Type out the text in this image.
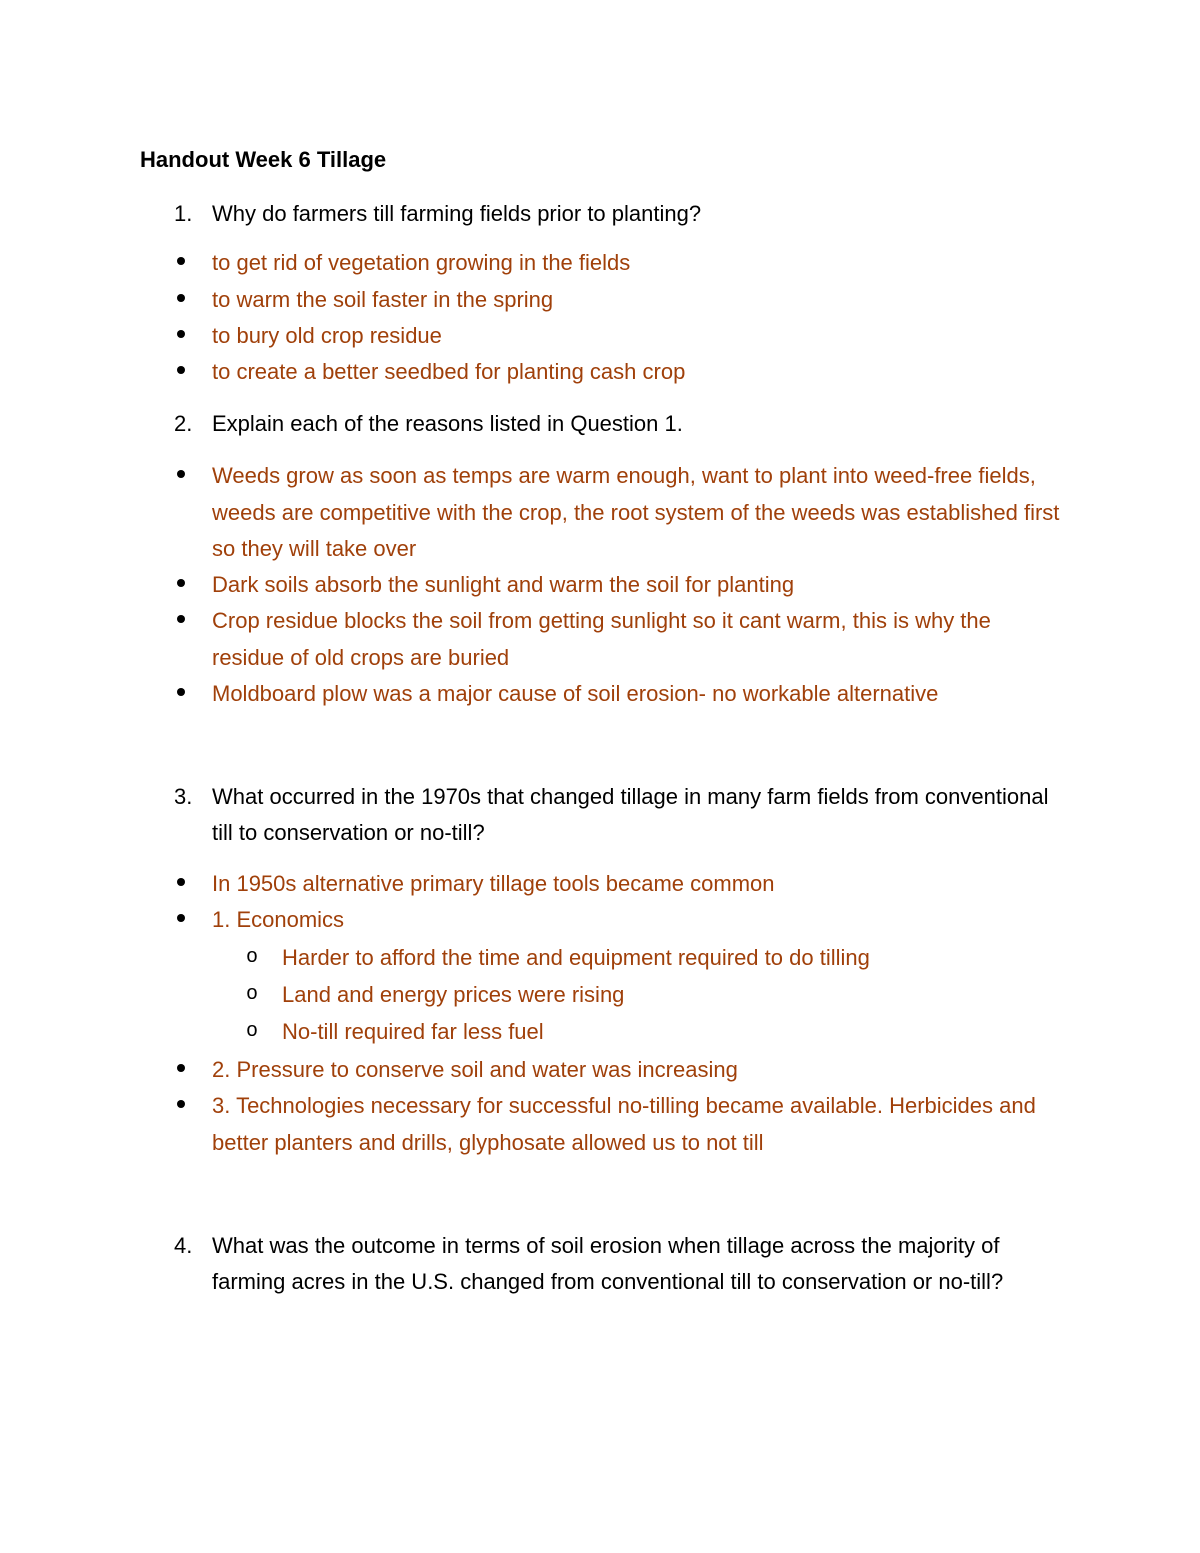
Handout Week 6 Tillage
1. Why do farmers till farming fields prior to planting?
to get rid of vegetation growing in the fields
to warm the soil faster in the spring
to bury old crop residue
to create a better seedbed for planting cash crop
2. Explain each of the reasons listed in Question 1.
Weeds grow as soon as temps are warm enough, want to plant into weed-free fields, weeds are competitive with the crop, the root system of the weeds was established first so they will take over
Dark soils absorb the sunlight and warm the soil for planting
Crop residue blocks the soil from getting sunlight so it cant warm, this is why the residue of old crops are buried
Moldboard plow was a major cause of soil erosion- no workable alternative
3. What occurred in the 1970s that changed tillage in many farm fields from conventional till to conservation or no-till?
In 1950s alternative primary tillage tools became common
1. Economics
o Harder to afford the time and equipment required to do tilling
o Land and energy prices were rising
o No-till required far less fuel
2. Pressure to conserve soil and water was increasing
3. Technologies necessary for successful no-tilling became available. Herbicides and better planters and drills, glyphosate allowed us to not till
4. What was the outcome in terms of soil erosion when tillage across the majority of farming acres in the U.S. changed from conventional till to conservation or no-till?
